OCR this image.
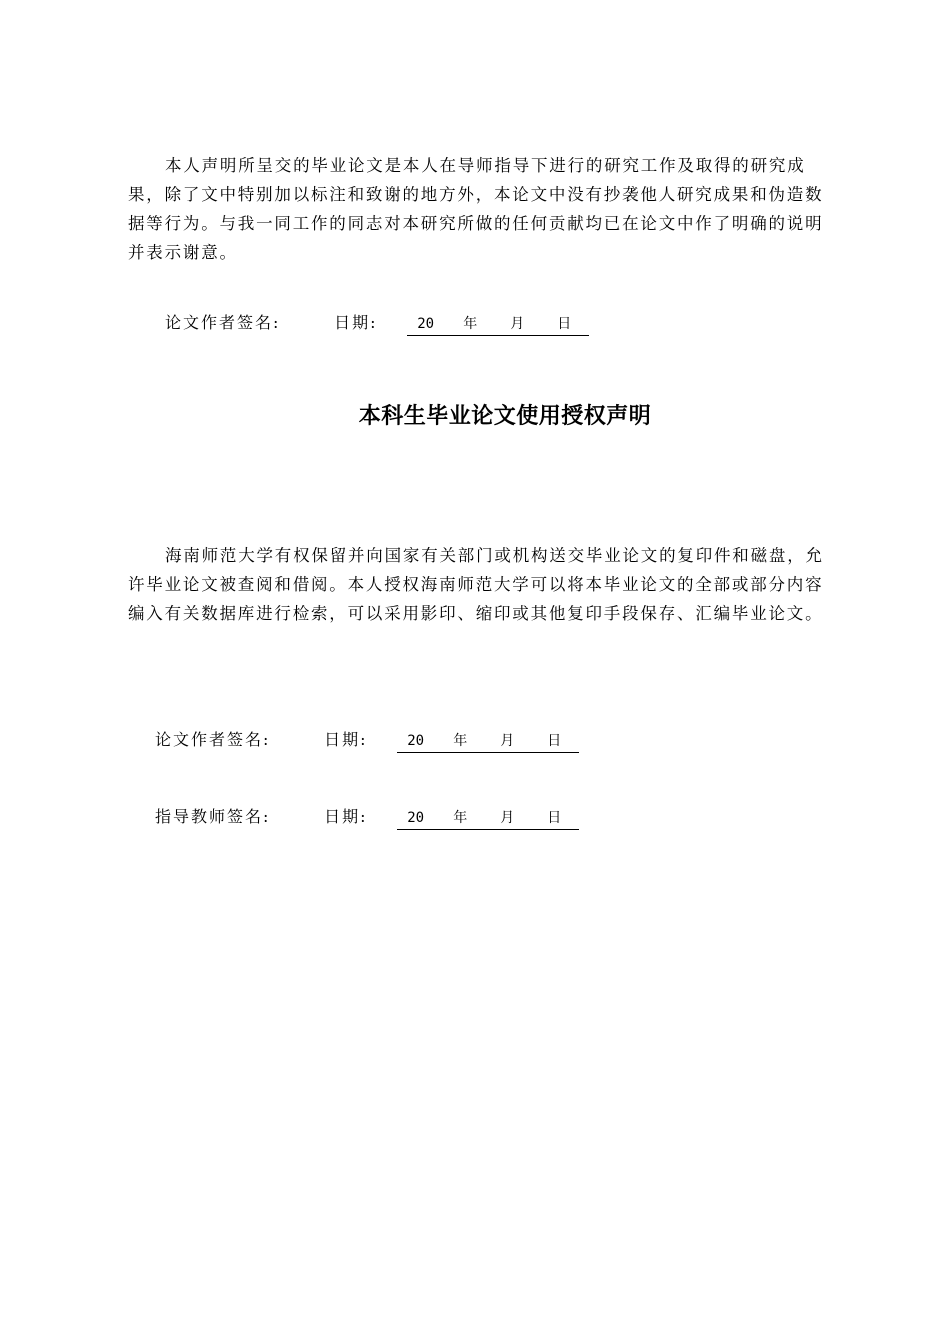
本人声明所呈交的毕业论文是本人在导师指导下进行的研究工作及取得的研究成果，除了文中特别加以标注和致谢的地方外，本论文中没有抄袭他人研究成果和伪造数据等行为。与我一同工作的同志对本研究所做的任何贡献均已在论文中作了明确的说明并表示谢意。

论文作者签名:	日期:	20 年 月 日
本科生毕业论文使用授权声明

海南师范大学有权保留并向国家有关部门或机构送交毕业论文的复印件和磁盘，允许毕业论文被查阅和借阅。本人授权海南师范大学可以将本毕业论文的全部或部分内容编入有关数据库进行检索，可以采用影印、缩印或其他复印手段保存、汇编毕业论文。

论文作者签名:	日期:	20 年 月 日
指导教师签名:	日期:	20 年 月 日
